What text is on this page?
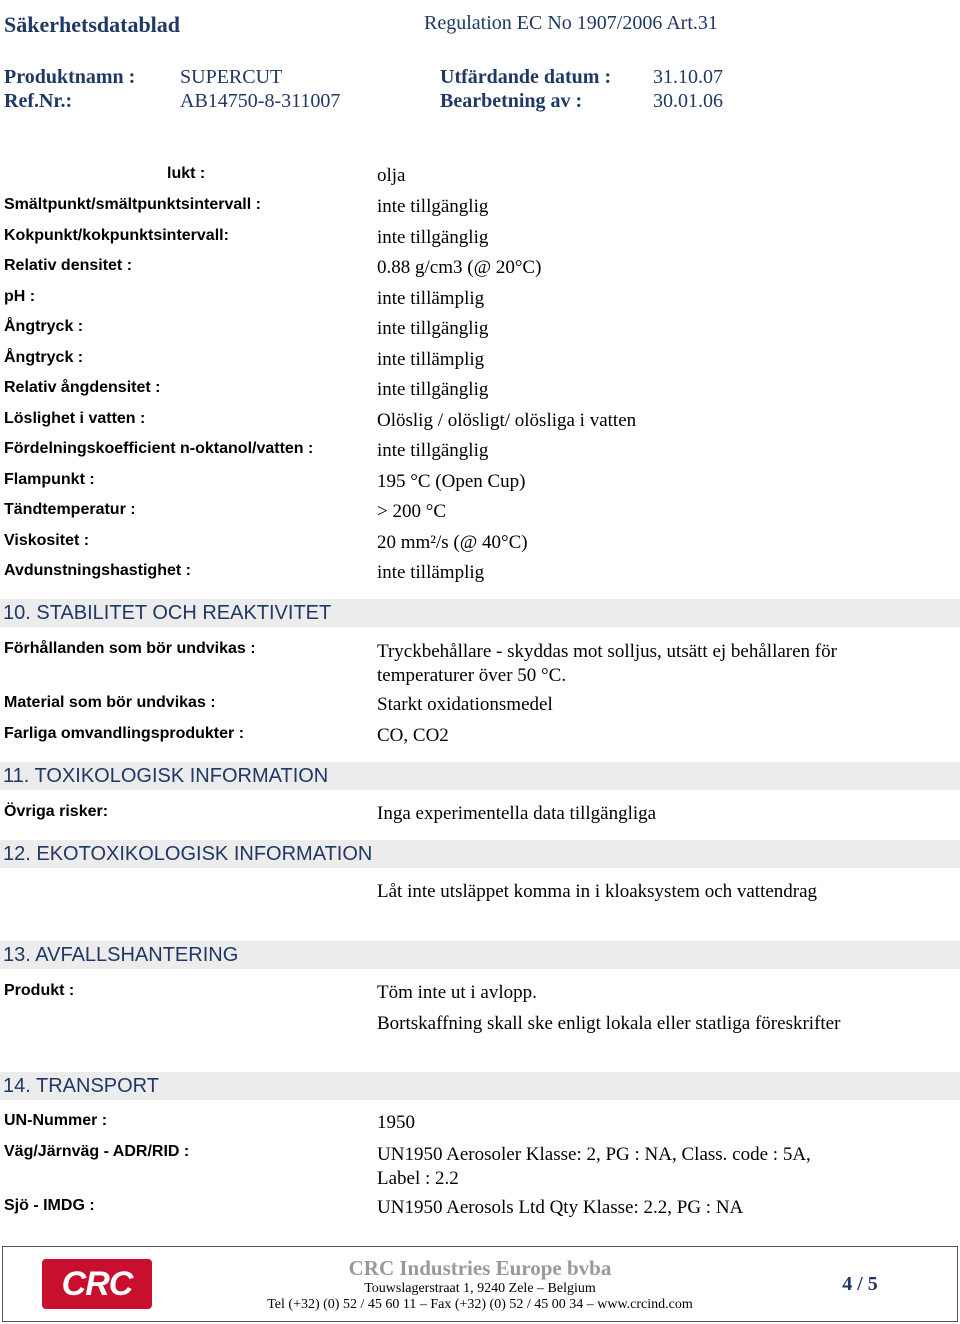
Säkerhetsdatablad	Regulation EC No 1907/2006 Art.31
Produktnamn : SUPERCUT	Utfärdande datum : 31.10.07
Ref.Nr.:	AB14750-8-311007	Bearbetning av :	30.01.06
lukt :	olja
Smältpunkt/smältpunktsintervall :	inte tillgänglig
Kokpunkt/kokpunktsintervall:	inte tillgänglig
Relativ densitet :	0.88 g/cm3 (@ 20°C)
pH :	inte tillämplig
Ångtryck :	inte tillgänglig
Ångtryck :	inte tillämplig
Relativ ångdensitet :	inte tillgänglig
Löslighet i vatten :	Olöslig / olösligt/ olösliga i vatten
Fördelningskoefficient n-oktanol/vatten :	inte tillgänglig
Flampunkt :	195 °C (Open Cup)
Tändtemperatur :	> 200 °C
Viskositet :	20 mm²/s (@ 40°C)
Avdunstningshastighet :	inte tillämplig
10. STABILITET OCH REAKTIVITET
Förhållanden som bör undvikas :	Tryckbehållare - skyddas mot solljus, utsätt ej behållaren för temperaturer över 50 °C.
Material som bör undvikas :	Starkt oxidationsmedel
Farliga omvandlingsprodukter :	CO, CO2
11. TOXIKOLOGISK INFORMATION
Övriga risker:	Inga experimentella data tillgängliga
12. EKOTOXIKOLOGISK INFORMATION
Låt inte utsläppet komma in i kloaksystem och vattendrag
13. AVFALLSHANTERING
Produkt :	Töm inte ut i avlopp.
Bortskaffning skall ske enligt lokala eller statliga föreskrifter
14. TRANSPORT
UN-Nummer :	1950
Väg/Järnväg - ADR/RID :	UN1950 Aerosoler Klasse: 2, PG : NA, Class. code : 5A, Label : 2.2
Sjö - IMDG :	UN1950 Aerosols Ltd Qty Klasse: 2.2, PG : NA
CRC	CRC Industries Europe bvba
Touwslagerstraat 1, 9240 Zele – Belgium
Tel (+32) (0) 52 / 45 60 11 – Fax (+32) (0) 52 / 45 00 34 – www.crcind.com
4 / 5
